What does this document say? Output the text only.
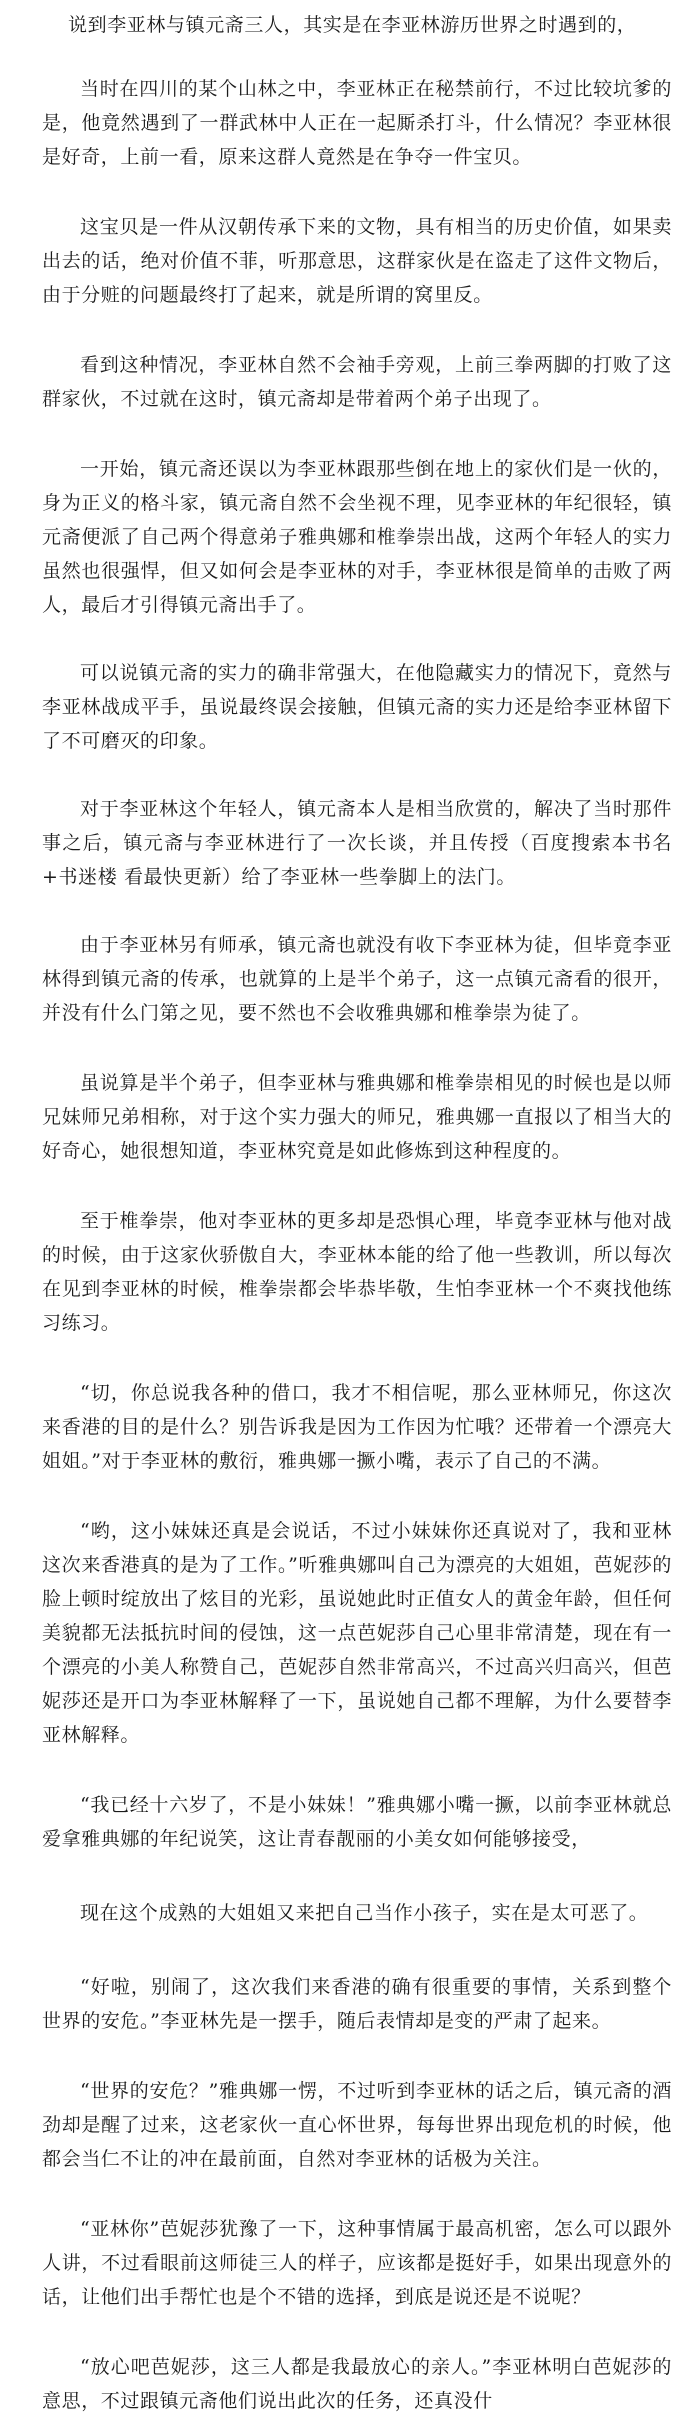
说到李亚林与镇元斋三人，其实是在李亚林游历世界之时遇到的，

当时在四川的某个山林之中，李亚林正在秘禁前行，不过比较坑爹的是，他竟然遇到了一群武林中人正在一起厮杀打斗，什么情况？李亚林很是好奇，上前一看，原来这群人竟然是在争夺一件宝贝。

这宝贝是一件从汉朝传承下来的文物，具有相当的历史价值，如果卖出去的话，绝对价值不菲，听那意思，这群家伙是在盗走了这件文物后，由于分赃的问题最终打了起来，就是所谓的窝里反。

看到这种情况，李亚林自然不会袖手旁观，上前三拳两脚的打败了这群家伙，不过就在这时，镇元斋却是带着两个弟子出现了。

一开始，镇元斋还误以为李亚林跟那些倒在地上的家伙们是一伙的，身为正义的格斗家，镇元斋自然不会坐视不理，见李亚林的年纪很轻，镇元斋便派了自己两个得意弟子雅典娜和椎拳崇出战，这两个年轻人的实力虽然也很强悍，但又如何会是李亚林的对手，李亚林很是简单的击败了两人，最后才引得镇元斋出手了。

可以说镇元斋的实力的确非常强大，在他隐藏实力的情况下，竟然与李亚林战成平手，虽说最终误会接触，但镇元斋的实力还是给李亚林留下了不可磨灭的印象。

对于李亚林这个年轻人，镇元斋本人是相当欣赏的，解决了当时那件事之后，镇元斋与李亚林进行了一次长谈，并且传授（百度搜索本书名+书迷楼 看最快更新）给了李亚林一些拳脚上的法门。

由于李亚林另有师承，镇元斋也就没有收下李亚林为徒，但毕竟李亚林得到镇元斋的传承，也就算的上是半个弟子，这一点镇元斋看的很开，并没有什么门第之见，要不然也不会收雅典娜和椎拳崇为徒了。

虽说算是半个弟子，但李亚林与雅典娜和椎拳崇相见的时候也是以师兄妹师兄弟相称，对于这个实力强大的师兄，雅典娜一直报以了相当大的好奇心，她很想知道，李亚林究竟是如此修炼到这种程度的。

至于椎拳崇，他对李亚林的更多却是恐惧心理，毕竟李亚林与他对战的时候，由于这家伙骄傲自大，李亚林本能的给了他一些教训，所以每次在见到李亚林的时候，椎拳崇都会毕恭毕敬，生怕李亚林一个不爽找他练习练习。

“切，你总说我各种的借口，我才不相信呢，那么亚林师兄，你这次来香港的目的是什么？别告诉我是因为工作因为忙哦？还带着一个漂亮大姐姐。”对于李亚林的敷衍，雅典娜一撅小嘴，表示了自己的不满。

“哟，这小妹妹还真是会说话，不过小妹妹你还真说对了，我和亚林这次来香港真的是为了工作。”听雅典娜叫自己为漂亮的大姐姐，芭妮莎的脸上顿时绽放出了炫目的光彩，虽说她此时正值女人的黄金年龄，但任何美貌都无法抵抗时间的侵蚀，这一点芭妮莎自己心里非常清楚，现在有一个漂亮的小美人称赞自己，芭妮莎自然非常高兴，不过高兴归高兴，但芭妮莎还是开口为李亚林解释了一下，虽说她自己都不理解，为什么要替李亚林解释。

“我已经十六岁了，不是小妹妹！”雅典娜小嘴一撅，以前李亚林就总爱拿雅典娜的年纪说笑，这让青春靓丽的小美女如何能够接受，

现在这个成熟的大姐姐又来把自己当作小孩子，实在是太可恶了。

“好啦，别闹了，这次我们来香港的确有很重要的事情，关系到整个世界的安危。”李亚林先是一摆手，随后表情却是变的严肃了起来。

“世界的安危？”雅典娜一愣，不过听到李亚林的话之后，镇元斋的酒劲却是醒了过来，这老家伙一直心怀世界，每每世界出现危机的时候，他都会当仁不让的冲在最前面，自然对李亚林的话极为关注。

“亚林你”芭妮莎犹豫了一下，这种事情属于最高机密，怎么可以跟外人讲，不过看眼前这师徒三人的样子，应该都是挺好手，如果出现意外的话，让他们出手帮忙也是个不错的选择，到底是说还是不说呢？

“放心吧芭妮莎，这三人都是我最放心的亲人。”李亚林明白芭妮莎的意思，不过跟镇元斋他们说出此次的任务，还真没什
